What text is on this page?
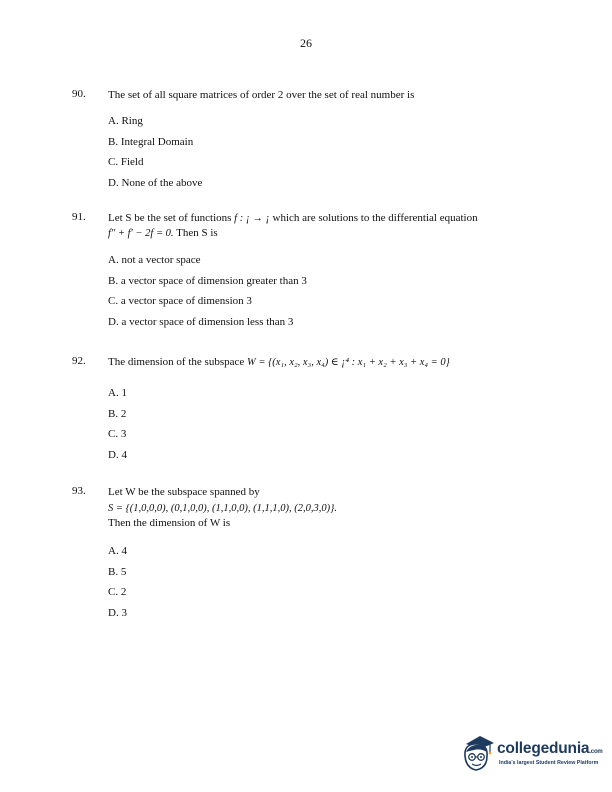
26
90. The set of all square matrices of order 2 over the set of real number is
A. Ring
B. Integral Domain
C. Field
D. None of the above
91. Let S be the set of functions f : ¡ → ¡ which are solutions to the differential equation
f″ + f′ − 2f = 0. Then S is
A. not a vector space
B. a vector space of dimension greater than 3
C. a vector space of dimension 3
D. a vector space of dimension less than 3
92. The dimension of the subspace W = {(x₁, x₂, x₃, x₄) ∈ ¡⁴ : x₁ + x₂ + x₃ + x₄ = 0}
A. 1
B. 2
C. 3
D. 4
93. Let W be the subspace spanned by
S = {(1,0,0,0), (0,1,0,0), (1,1,0,0), (1,1,1,0), (2,0,3,0)}.
Then the dimension of W is
A. 4
B. 5
C. 2
D. 3
collegedunia.com
India's largest Student Review Platform
